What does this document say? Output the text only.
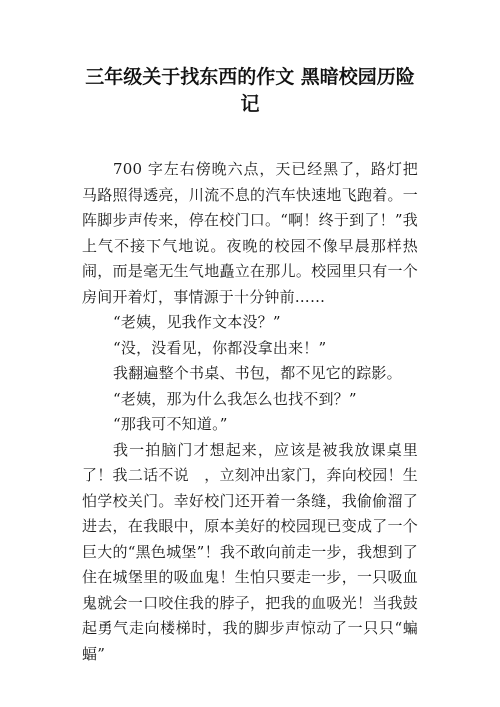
三年级关于找东西的作文 黑暗校园历险记

700 字左右傍晚六点，天已经黑了，路灯把马路照得透亮，川流不息的汽车快速地飞跑着。一阵脚步声传来，停在校门口。“啊！终于到了！”我上气不接下气地说。夜晚的校园不像早晨那样热闹，而是毫无生气地矗立在那儿。校园里只有一个房间开着灯，事情源于十分钟前……

“老姨，见我作文本没？”

“没，没看见，你都没拿出来！”

我翻遍整个书桌、书包，都不见它的踪影。

“老姨，那为什么我怎么也找不到？”

“那我可不知道。”

我一拍脑门才想起来，应该是被我放课桌里了！我二话不说　，立刻冲出家门，奔向校园！生怕学校关门。幸好校门还开着一条缝，我偷偷溜了进去，在我眼中，原本美好的校园现已变成了一个巨大的“黑色城堡”！我不敢向前走一步，我想到了住在城堡里的吸血鬼！生怕只要走一步，一只吸血鬼就会一口咬住我的脖子，把我的血吸光！当我鼓起勇气走向楼梯时，我的脚步声惊动了一只只“蝙蝠”
